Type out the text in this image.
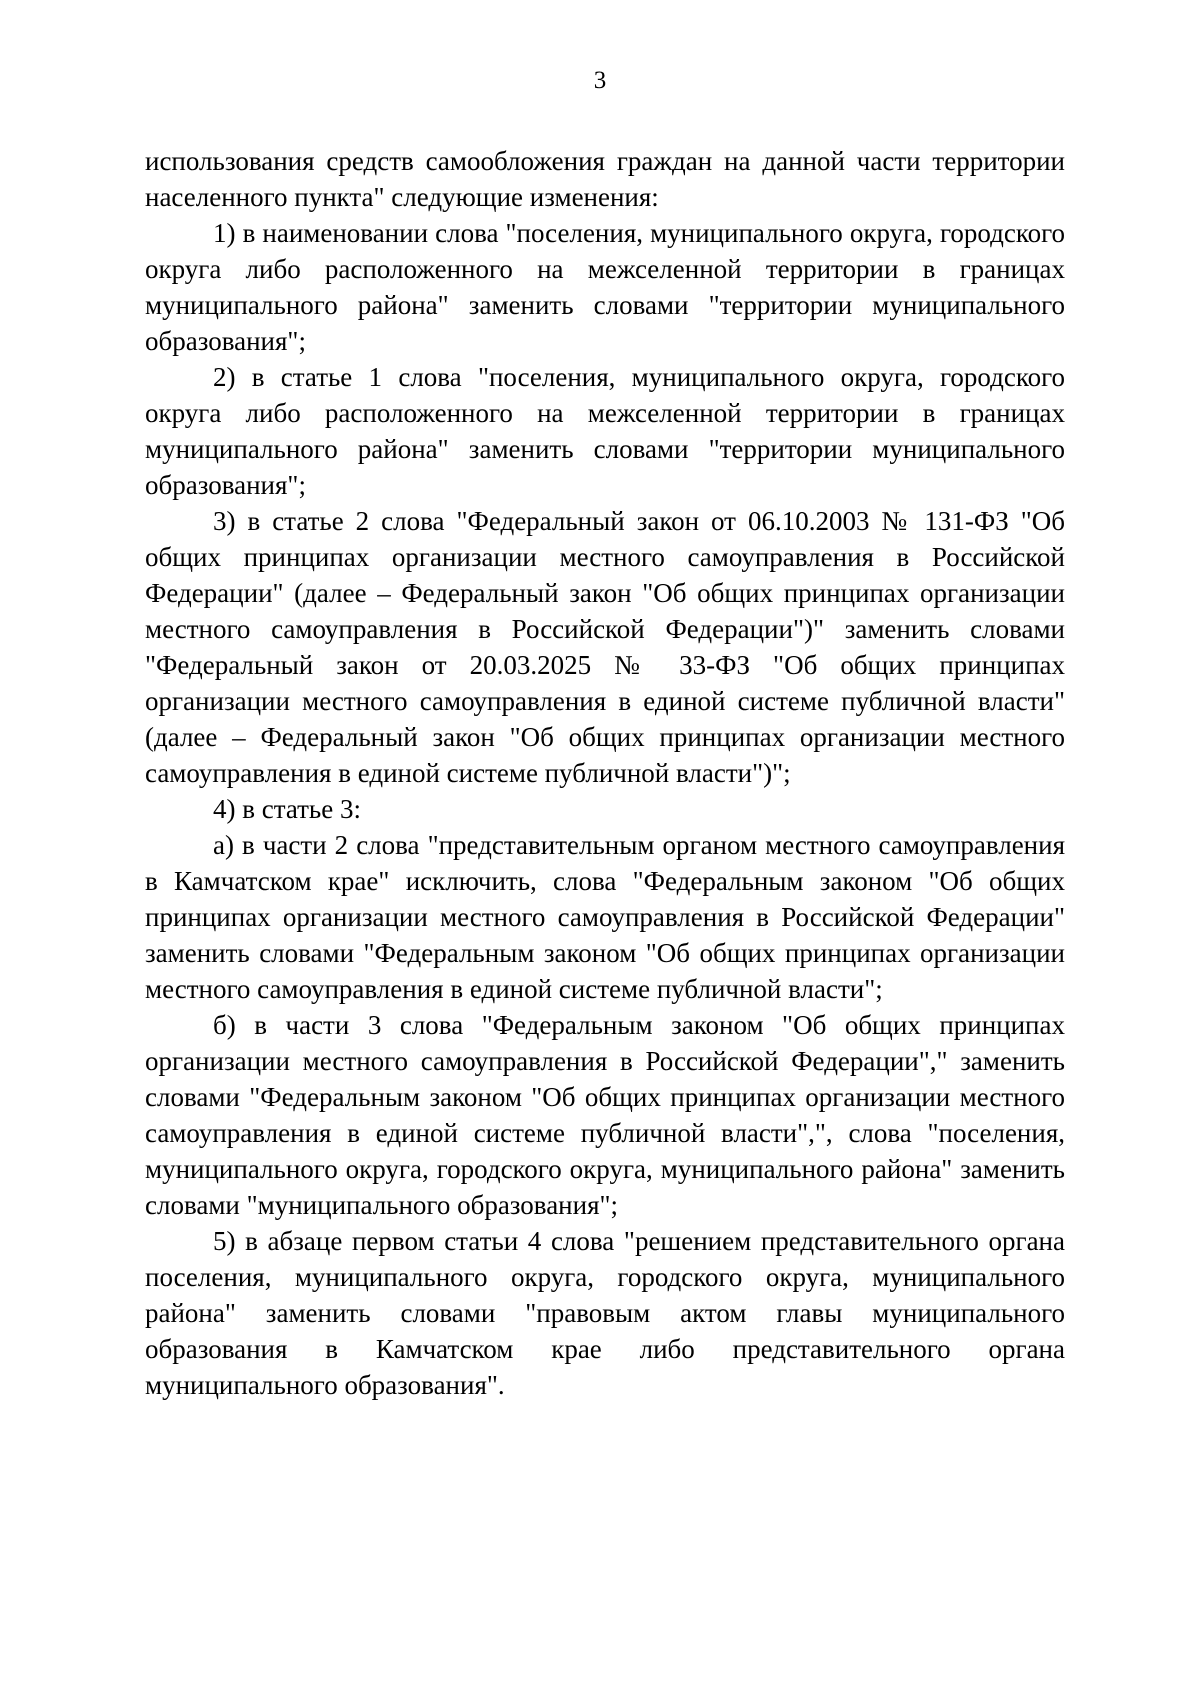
3

использования средств самообложения граждан на данной части территории населенного пункта" следующие изменения:

1) в наименовании слова "поселения, муниципального округа, городского округа либо расположенного на межселенной территории в границах муниципального района" заменить словами "территории муниципального образования";

2) в статье 1 слова "поселения, муниципального округа, городского округа либо расположенного на межселенной территории в границах муниципального района" заменить словами "территории муниципального образования";

3) в статье 2 слова "Федеральный закон от 06.10.2003 № 131-ФЗ "Об общих принципах организации местного самоуправления в Российской Федерации" (далее – Федеральный закон "Об общих принципах организации местного самоуправления в Российской Федерации")" заменить словами "Федеральный закон от 20.03.2025 № 33-ФЗ "Об общих принципах организации местного самоуправления в единой системе публичной власти" (далее – Федеральный закон "Об общих принципах организации местного самоуправления в единой системе публичной власти")";

4) в статье 3:

а) в части 2 слова "представительным органом местного самоуправления в Камчатском крае" исключить, слова "Федеральным законом "Об общих принципах организации местного самоуправления в Российской Федерации" заменить словами "Федеральным законом "Об общих принципах организации местного самоуправления в единой системе публичной власти";

б) в части 3 слова "Федеральным законом "Об общих принципах организации местного самоуправления в Российской Федерации"," заменить словами "Федеральным законом "Об общих принципах организации местного самоуправления в единой системе публичной власти",", слова "поселения, муниципального округа, городского округа, муниципального района" заменить словами "муниципального образования";

5) в абзаце первом статьи 4 слова "решением представительного органа поселения, муниципального округа, городского округа, муниципального района" заменить словами "правовым актом главы муниципального образования в Камчатском крае либо представительного органа муниципального образования".
